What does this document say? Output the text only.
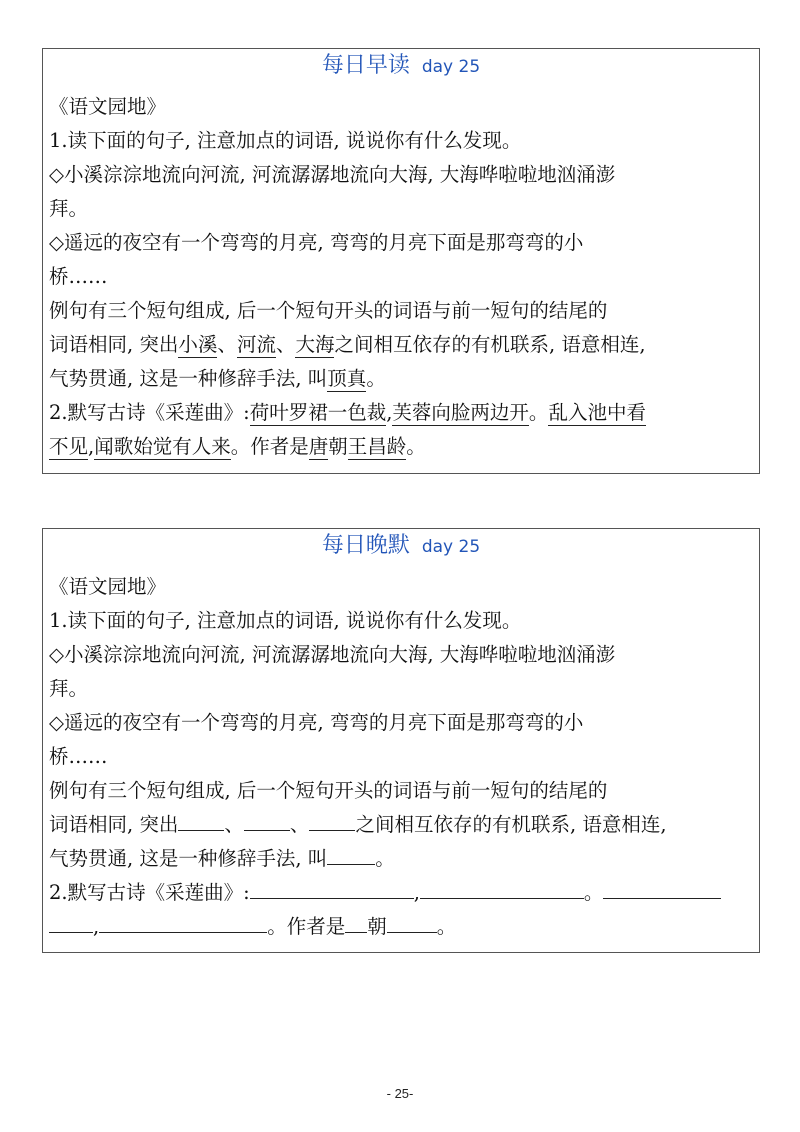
每日早读 day 25
《语文园地》
1.读下面的句子, 注意加点的词语, 说说你有什么发现。
◇小溪淙淙地流向河流, 河流潺潺地流向大海, 大海哗啦啦地汹涌澎
拜。
◇遥远的夜空有一个弯弯的月亮, 弯弯的月亮下面是那弯弯的小
桥……
例句有三个短句组成, 后一个短句开头的词语与前一短句的结尾的
词语相同, 突出小溪、河流、大海之间相互依存的有机联系, 语意相连,
气势贯通, 这是一种修辞手法, 叫顶真。
2.默写古诗《采莲曲》:荷叶罗裙一色裁,芙蓉向脸两边开。乱入池中看
不见,闻歌始觉有人来。作者是唐朝王昌龄。
每日晚默 day 25
《语文园地》
1.读下面的句子, 注意加点的词语, 说说你有什么发现。
◇小溪淙淙地流向河流, 河流潺潺地流向大海, 大海哗啦啦地汹涌澎
拜。
◇遥远的夜空有一个弯弯的月亮, 弯弯的月亮下面是那弯弯的小
桥……
例句有三个短句组成, 后一个短句开头的词语与前一短句的结尾的
词语相同, 突出 、 、 之间相互依存的有机联系, 语意相连,
气势贯通, 这是一种修辞手法, 叫 。
2.默写古诗《采莲曲》:	,	。
,	。作者是 朝	。
- 25-
